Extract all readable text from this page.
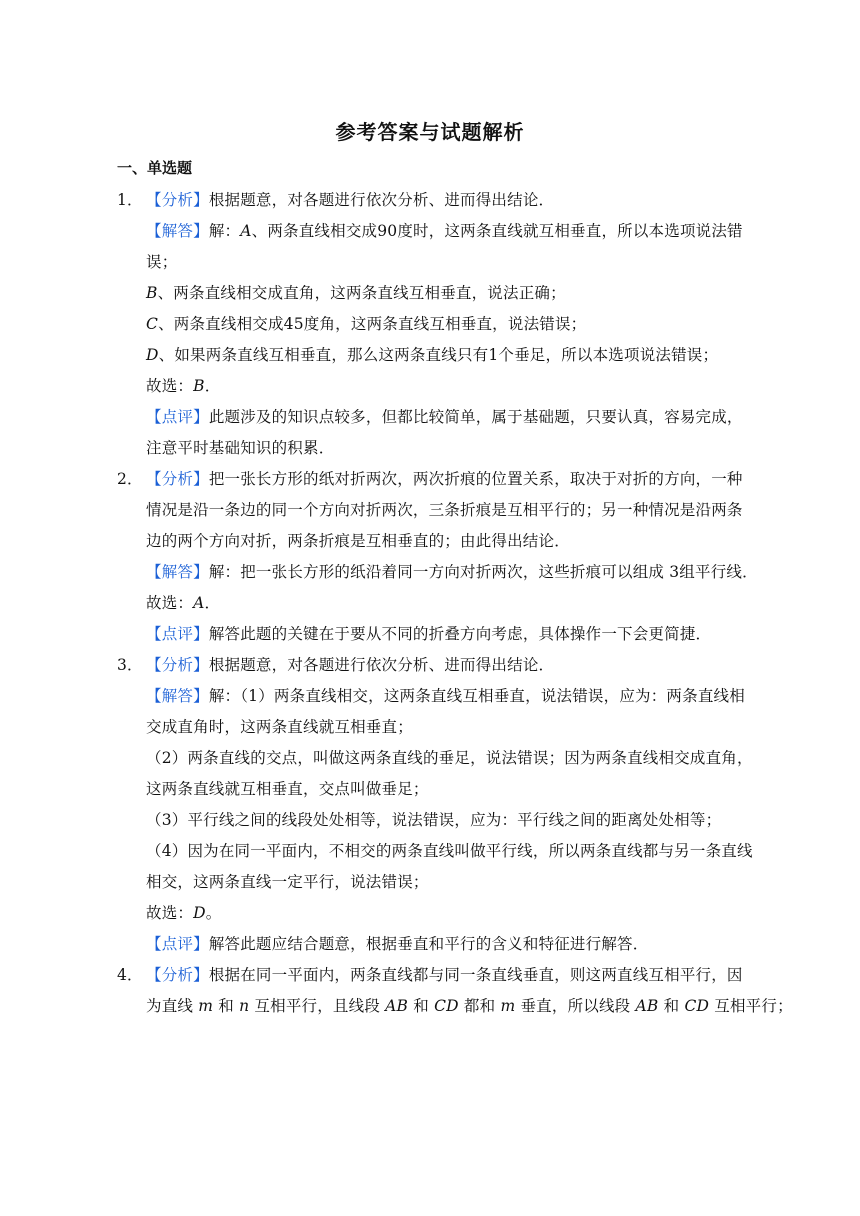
参考答案与试题解析
一、单选题
1． 【分析】根据题意，对各题进行依次分析、进而得出结论．
【解答】解：A、两条直线相交成90度时，这两条直线就互相垂直，所以本选项说法错
误；
B、两条直线相交成直角，这两条直线互相垂直，说法正确；
C、两条直线相交成45度角，这两条直线互相垂直，说法错误；
D、如果两条直线互相垂直，那么这两条直线只有1个垂足，所以本选项说法错误；
故选：B．
【点评】此题涉及的知识点较多，但都比较简单，属于基础题，只要认真，容易完成，
注意平时基础知识的积累．
2． 【分析】把一张长方形的纸对折两次，两次折痕的位置关系，取决于对折的方向，一种
情况是沿一条边的同一个方向对折两次，三条折痕是互相平行的；另一种情况是沿两条
边的两个方向对折，两条折痕是互相垂直的；由此得出结论．
【解答】解：把一张长方形的纸沿着同一方向对折两次，这些折痕可以组成 3组平行线．
故选：A．
【点评】解答此题的关键在于要从不同的折叠方向考虑，具体操作一下会更简捷．
3． 【分析】根据题意，对各题进行依次分析、进而得出结论．
【解答】解：（1）两条直线相交，这两条直线互相垂直，说法错误，应为：两条直线相
交成直角时，这两条直线就互相垂直；
（2）两条直线的交点，叫做这两条直线的垂足，说法错误；因为两条直线相交成直角，
这两条直线就互相垂直，交点叫做垂足；
（3）平行线之间的线段处处相等，说法错误，应为：平行线之间的距离处处相等；
（4）因为在同一平面内，不相交的两条直线叫做平行线，所以两条直线都与另一条直线
相交，这两条直线一定平行，说法错误；
故选：D。
【点评】解答此题应结合题意，根据垂直和平行的含义和特征进行解答．
4． 【分析】根据在同一平面内，两条直线都与同一条直线垂直，则这两直线互相平行，因
为直线 m 和 n 互相平行，且线段 AB 和 CD 都和 m 垂直，所以线段 AB 和 CD 互相平行；
